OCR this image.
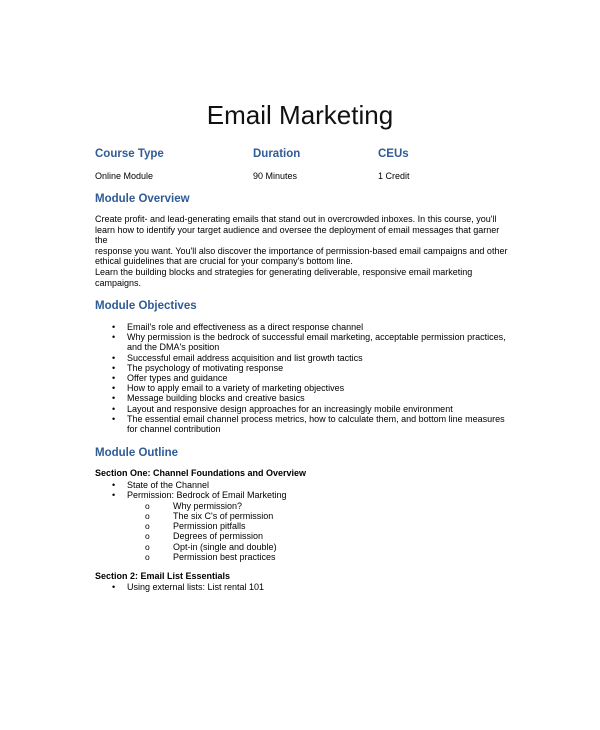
Email Marketing
Course Type
Online Module
Duration
90 Minutes
CEUs
1 Credit
Module Overview

Create profit- and lead-generating emails that stand out in overcrowded inboxes. In this course, you'll
learn how to identify your target audience and oversee the deployment of email messages that garner the
response you want. You'll also discover the importance of permission-based email campaigns and other
ethical guidelines that are crucial for your company's bottom line.

Learn the building blocks and strategies for generating deliverable, responsive email marketing
campaigns.

Module Objectives
• Email's role and effectiveness as a direct response channel
• Why permission is the bedrock of successful email marketing, acceptable permission practices,
and the DMA's position
• Successful email address acquisition and list growth tactics
• The psychology of motivating response
• Offer types and guidance
• How to apply email to a variety of marketing objectives
• Message building blocks and creative basics
• Layout and responsive design approaches for an increasingly mobile environment
• The essential email channel process metrics, how to calculate them, and bottom line measures
for channel contribution
Module Outline

Section One: Channel Foundations and Overview

• State of the Channel
• Permission: Bedrock of Email Marketing
o Why permission?
o The six C's of permission
o Permission pitfalls
o Degrees of permission
o Opt-in (single and double)
o Permission best practices

Section 2: Email List Essentials

• Using external lists: List rental 101
